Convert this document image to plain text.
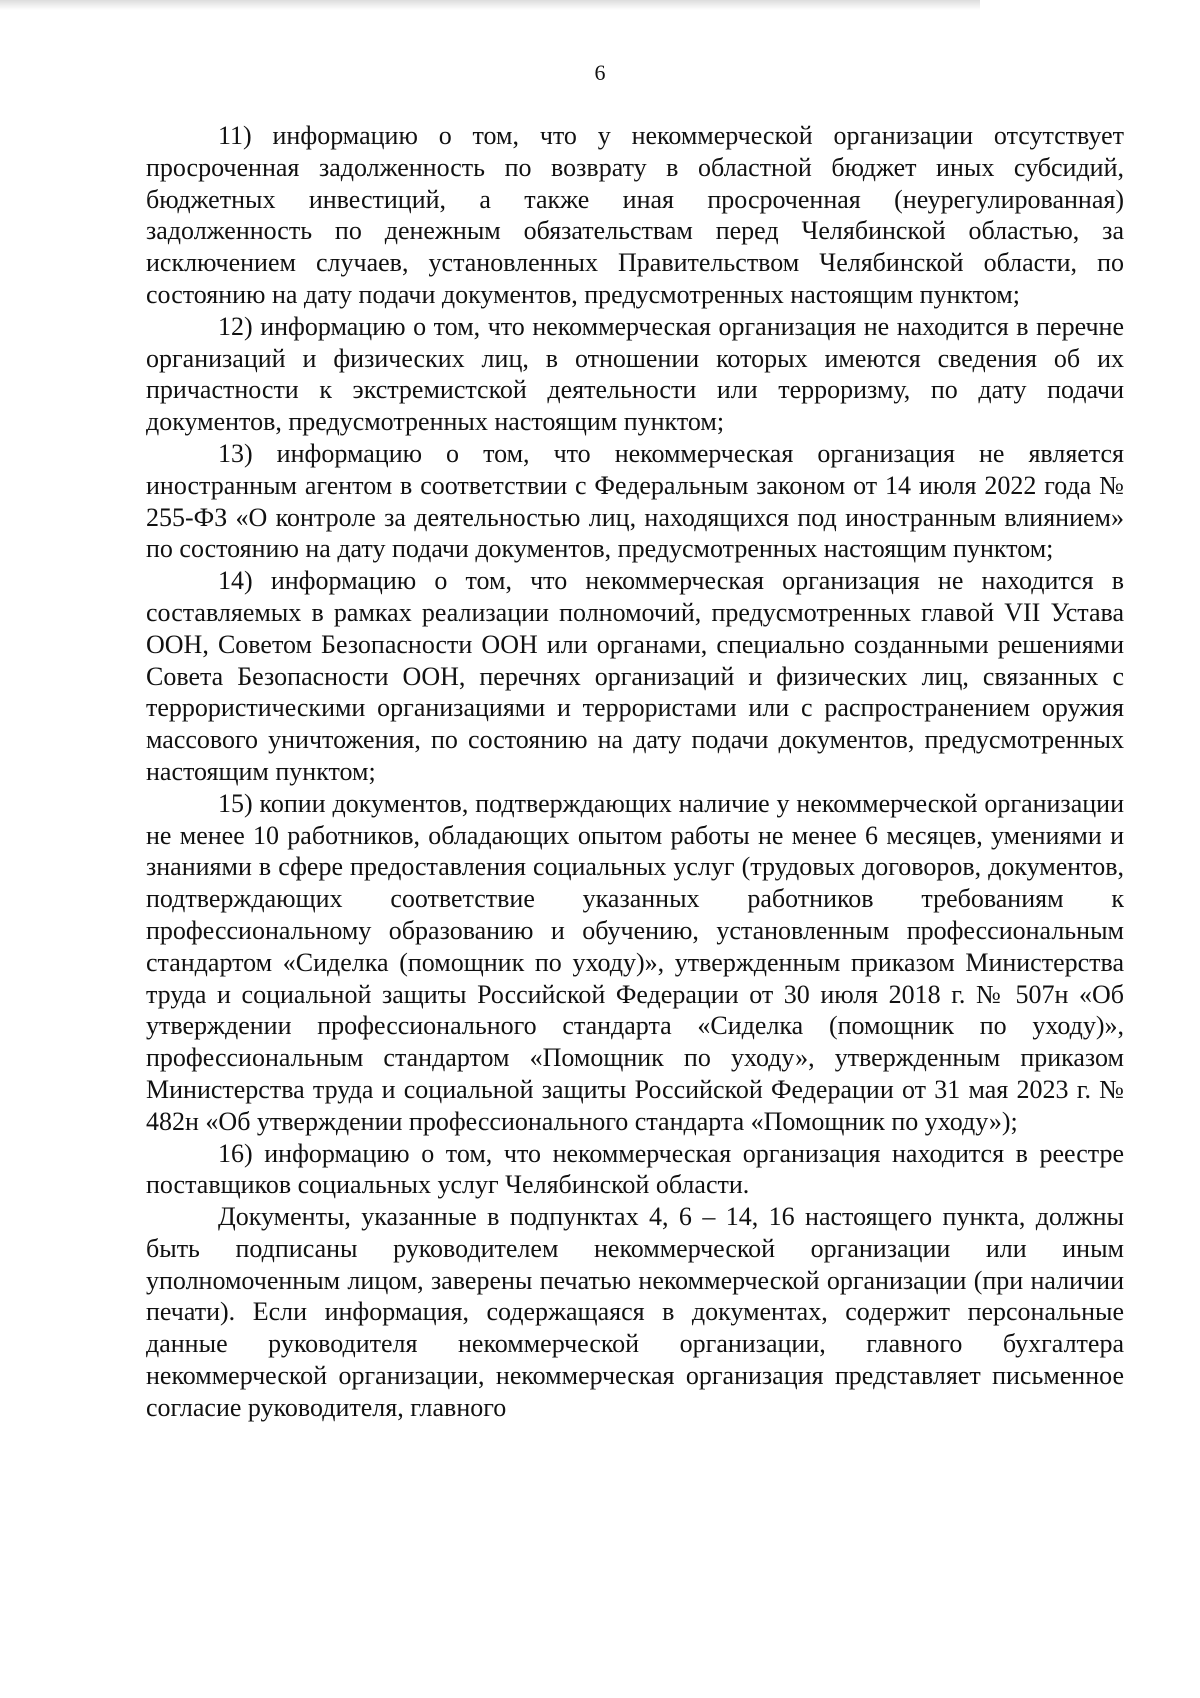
6

11) информацию о том, что у некоммерческой организации отсутствует просроченная задолженность по возврату в областной бюджет иных субсидий, бюджетных инвестиций, а также иная просроченная (неурегулированная) задолженность по денежным обязательствам перед Челябинской областью, за исключением случаев, установленных Правительством Челябинской области, по состоянию на дату подачи документов, предусмотренных настоящим пунктом;

12) информацию о том, что некоммерческая организация не находится в перечне организаций и физических лиц, в отношении которых имеются сведения об их причастности к экстремистской деятельности или терроризму, по дату подачи документов, предусмотренных настоящим пунктом;

13) информацию о том, что некоммерческая организация не является иностранным агентом в соответствии с Федеральным законом от 14 июля 2022 года № 255-ФЗ «О контроле за деятельностью лиц, находящихся под иностранным влиянием» по состоянию на дату подачи документов, предусмотренных настоящим пунктом;

14) информацию о том, что некоммерческая организация не находится в составляемых в рамках реализации полномочий, предусмотренных главой VII Устава ООН, Советом Безопасности ООН или органами, специально созданными решениями Совета Безопасности ООН, перечнях организаций и физических лиц, связанных с террористическими организациями и террористами или с распространением оружия массового уничтожения, по состоянию на дату подачи документов, предусмотренных настоящим пунктом;

15) копии документов, подтверждающих наличие у некоммерческой организации не менее 10 работников, обладающих опытом работы не менее 6 месяцев, умениями и знаниями в сфере предоставления социальных услуг (трудовых договоров, документов, подтверждающих соответствие указанных работников требованиям к профессиональному образованию и обучению, установленным профессиональным стандартом «Сиделка (помощник по уходу)», утвержденным приказом Министерства труда и социальной защиты Российской Федерации от 30 июля 2018 г. № 507н «Об утверждении профессионального стандарта «Сиделка (помощник по уходу)», профессиональным стандартом «Помощник по уходу», утвержденным приказом Министерства труда и социальной защиты Российской Федерации от 31 мая 2023 г. № 482н «Об утверждении профессионального стандарта «Помощник по уходу»);

16) информацию о том, что некоммерческая организация находится в реестре поставщиков социальных услуг Челябинской области.

Документы, указанные в подпунктах 4, 6 – 14, 16 настоящего пункта, должны быть подписаны руководителем некоммерческой организации или иным уполномоченным лицом, заверены печатью некоммерческой организации (при наличии печати). Если информация, содержащаяся в документах, содержит персональные данные руководителя некоммерческой организации, главного бухгалтера некоммерческой организации, некоммерческая организация представляет письменное согласие руководителя, главного
